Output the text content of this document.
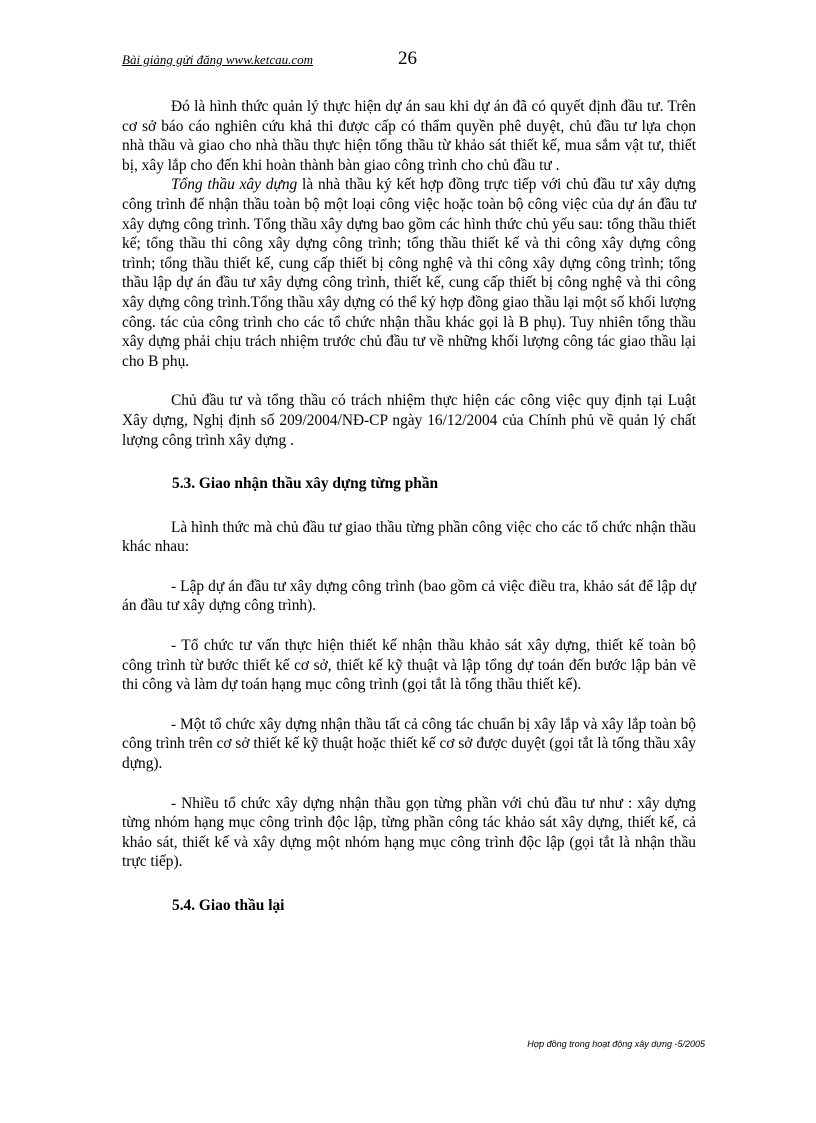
Bài giảng gửi đăng www.ketcau.com	26

Đó là hình thức quản lý thực hiện dự án sau khi dự án đã có quyết định đầu tư. Trên cơ sở báo cáo nghiên cứu khả thi được cấp có thẩm quyền phê duyệt, chủ đầu tư lựa chọn nhà thầu và giao cho nhà thầu thực hiện tổng thầu từ khảo sát thiết kế, mua sắm vật tư, thiết bị, xây lắp cho đến khi hoàn thành bàn giao công trình cho chủ đầu tư .

Tổng thầu xây dựng là nhà thầu ký kết hợp đồng trực tiếp với chủ đầu tư xây dựng công trình để nhận thầu toàn bộ một loại công việc hoặc toàn bộ công việc của dự án đầu tư xây dựng công trình. Tổng thầu xây dựng bao gồm các hình thức chủ yếu sau: tổng thầu thiết kế; tổng thầu thi công xây dựng công trình; tổng thầu thiết kế và thi công xây dựng công trình; tổng thầu thiết kế, cung cấp thiết bị công nghệ và thi công xây dựng công trình; tổng thầu lập dự án đầu tư xây dựng công trình, thiết kế, cung cấp thiết bị công nghệ và thi công xây dựng công trình.Tổng thầu xây dựng có thể ký hợp đồng giao thầu lại một số khối lượng công. tác của công trình cho các tổ chức nhận thầu khác gọi là B phụ). Tuy nhiên tổng thầu xây dựng phải chịu trách nhiệm trước chủ đầu tư về những khối lượng công tác giao thầu lại cho B phụ.

Chủ đầu tư và tổng thầu có trách nhiệm thực hiện các công việc quy định tại Luật Xây dựng, Nghị định số 209/2004/NĐ-CP ngày 16/12/2004 của Chính phủ về quản lý chất lượng công trình xây dựng .

5.3. Giao nhận thầu xây dựng từng phần

Là hình thức mà chủ đầu tư giao thầu từng phần công việc cho các tổ chức nhận thầu khác nhau:

- Lập dự án đầu tư xây dựng công trình (bao gồm cả việc điều tra, khảo sát để lập dự án đầu tư xây dựng công trình).

- Tổ chức tư vấn thực hiện thiết kế nhận thầu khảo sát xây dựng, thiết kế toàn bộ công trình từ bước thiết kế cơ sở, thiết kế kỹ thuật và lập tổng dự toán đến bước lập bản vẽ thi công và làm dự toán hạng mục công trình (gọi tắt là tổng thầu thiết kế).

- Một tổ chức xây dựng nhận thầu tất cả công tác chuẩn bị xây lắp và xây lắp toàn bộ công trình trên cơ sở thiết kế kỹ thuật hoặc thiết kế cơ sở được duyệt (gọi tắt là tổng thầu xây dựng).

- Nhiều tổ chức xây dựng nhận thầu gọn từng phần với chủ đầu tư như : xây dựng từng nhóm hạng mục công trình độc lập, từng phần công tác khảo sát xây dựng, thiết kế, cả khảo sát, thiết kế và xây dựng một nhóm hạng mục công trình độc lập (gọi tắt là nhận thầu trực tiếp).

5.4. Giao thầu lại

Hợp đồng trong hoạt động xây dựng -5/2005
